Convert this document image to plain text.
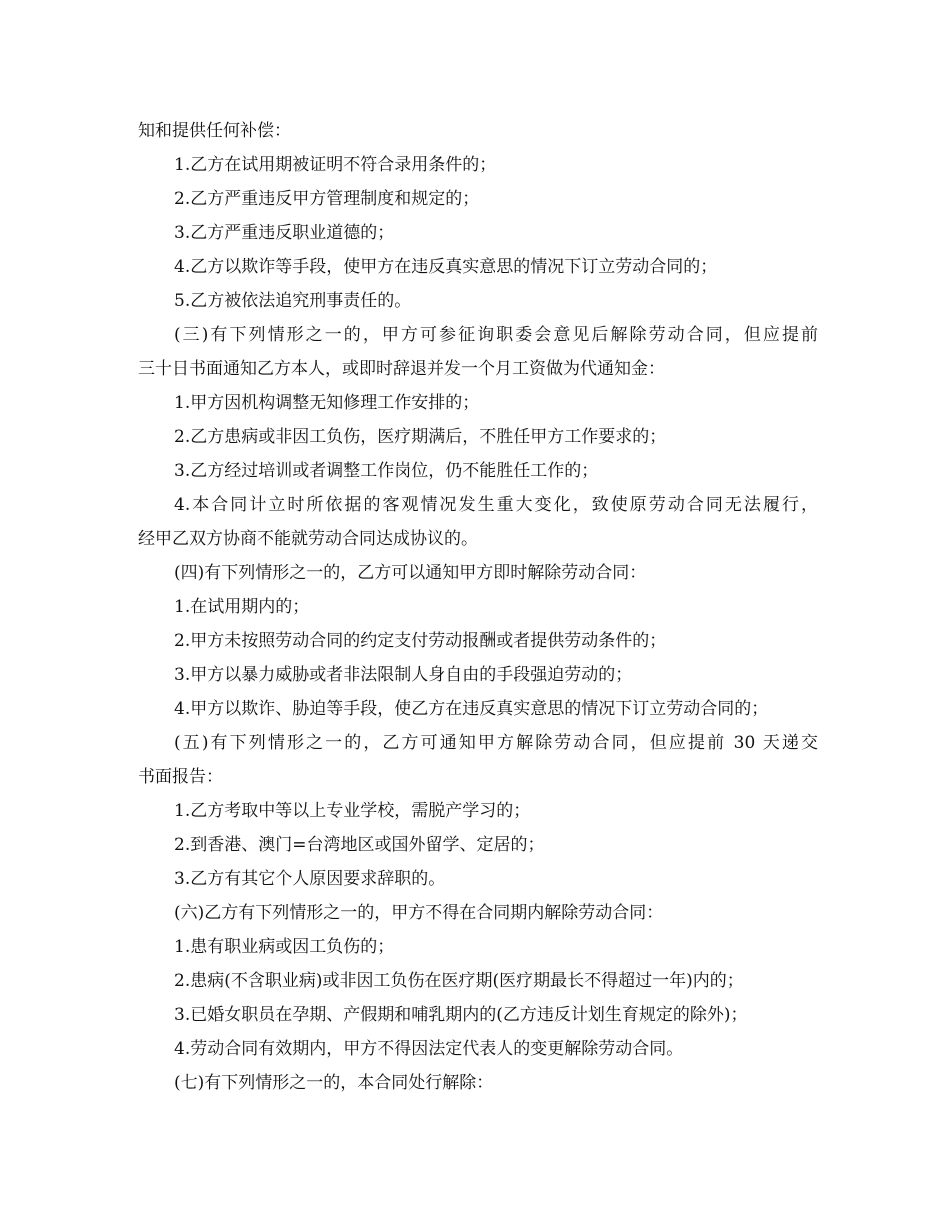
知和提供任何补偿：
1.乙方在试用期被证明不符合录用条件的；
2.乙方严重违反甲方管理制度和规定的；
3.乙方严重违反职业道德的；
4.乙方以欺诈等手段，使甲方在违反真实意思的情况下订立劳动合同的；
5.乙方被依法追究刑事责任的。
(三)有下列情形之一的，甲方可参征询职委会意见后解除劳动合同，但应提前
三十日书面通知乙方本人，或即时辞退并发一个月工资做为代通知金：
1.甲方因机构调整无知修理工作安排的；
2.乙方患病或非因工负伤，医疗期满后，不胜任甲方工作要求的；
3.乙方经过培训或者调整工作岗位，仍不能胜任工作的；
4.本合同计立时所依据的客观情况发生重大变化，致使原劳动合同无法履行，
经甲乙双方协商不能就劳动合同达成协议的。
(四)有下列情形之一的，乙方可以通知甲方即时解除劳动合同：
1.在试用期内的；
2.甲方未按照劳动合同的约定支付劳动报酬或者提供劳动条件的；
3.甲方以暴力威胁或者非法限制人身自由的手段强迫劳动的；
4.甲方以欺诈、胁迫等手段，使乙方在违反真实意思的情况下订立劳动合同的；
(五)有下列情形之一的，乙方可通知甲方解除劳动合同，但应提前 30 天递交
书面报告：
1.乙方考取中等以上专业学校，需脱产学习的；
2.到香港、澳门=台湾地区或国外留学、定居的；
3.乙方有其它个人原因要求辞职的。
(六)乙方有下列情形之一的，甲方不得在合同期内解除劳动合同：
1.患有职业病或因工负伤的；
2.患病(不含职业病)或非因工负伤在医疗期(医疗期最长不得超过一年)内的；
3.已婚女职员在孕期、产假期和哺乳期内的(乙方违反计划生育规定的除外)；
4.劳动合同有效期内，甲方不得因法定代表人的变更解除劳动合同。
(七)有下列情形之一的，本合同处行解除：
